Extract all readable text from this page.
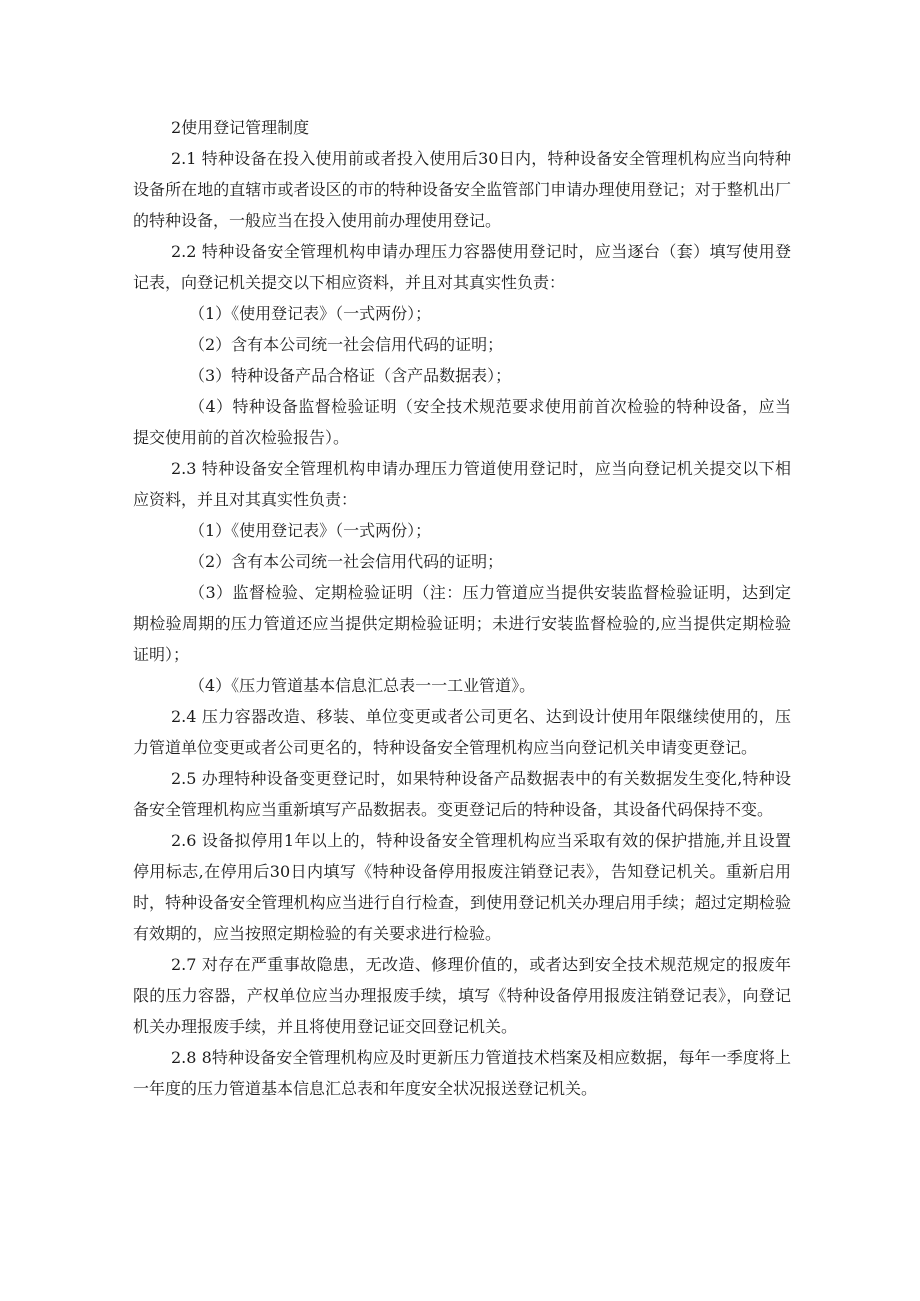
2使用登记管理制度

2.1 特种设备在投入使用前或者投入使用后30日内，特种设备安全管理机构应当向特种设备所在地的直辖市或者设区的市的特种设备安全监管部门申请办理使用登记；对于整机出厂的特种设备，一般应当在投入使用前办理使用登记。

2.2 特种设备安全管理机构申请办理压力容器使用登记时，应当逐台（套）填写使用登记表，向登记机关提交以下相应资料，并且对其真实性负责：

（1）《使用登记表》（一式两份）；

（2）含有本公司统一社会信用代码的证明；

（3）特种设备产品合格证（含产品数据表）；

（4）特种设备监督检验证明（安全技术规范要求使用前首次检验的特种设备，应当提交使用前的首次检验报告）。

2.3 特种设备安全管理机构申请办理压力管道使用登记时，应当向登记机关提交以下相应资料，并且对其真实性负责：

（1）《使用登记表》（一式两份）；

（2）含有本公司统一社会信用代码的证明；

（3）监督检验、定期检验证明（注：压力管道应当提供安装监督检验证明，达到定期检验周期的压力管道还应当提供定期检验证明；未进行安装监督检验的,应当提供定期检验证明）；

（4）《压力管道基本信息汇总表一一工业管道》。

2.4 压力容器改造、移装、单位变更或者公司更名、达到设计使用年限继续使用的，压力管道单位变更或者公司更名的，特种设备安全管理机构应当向登记机关申请变更登记。

2.5 办理特种设备变更登记时，如果特种设备产品数据表中的有关数据发生变化,特种设备安全管理机构应当重新填写产品数据表。变更登记后的特种设备，其设备代码保持不变。

2.6 设备拟停用1年以上的，特种设备安全管理机构应当采取有效的保护措施,并且设置停用标志,在停用后30日内填写《特种设备停用报废注销登记表》，告知登记机关。重新启用时，特种设备安全管理机构应当进行自行检查，到使用登记机关办理启用手续；超过定期检验有效期的，应当按照定期检验的有关要求进行检验。

2.7 对存在严重事故隐患，无改造、修理价值的，或者达到安全技术规范规定的报废年限的压力容器，产权单位应当办理报废手续，填写《特种设备停用报废注销登记表》，向登记机关办理报废手续，并且将使用登记证交回登记机关。

2.8 8特种设备安全管理机构应及时更新压力管道技术档案及相应数据，每年一季度将上一年度的压力管道基本信息汇总表和年度安全状况报送登记机关。
